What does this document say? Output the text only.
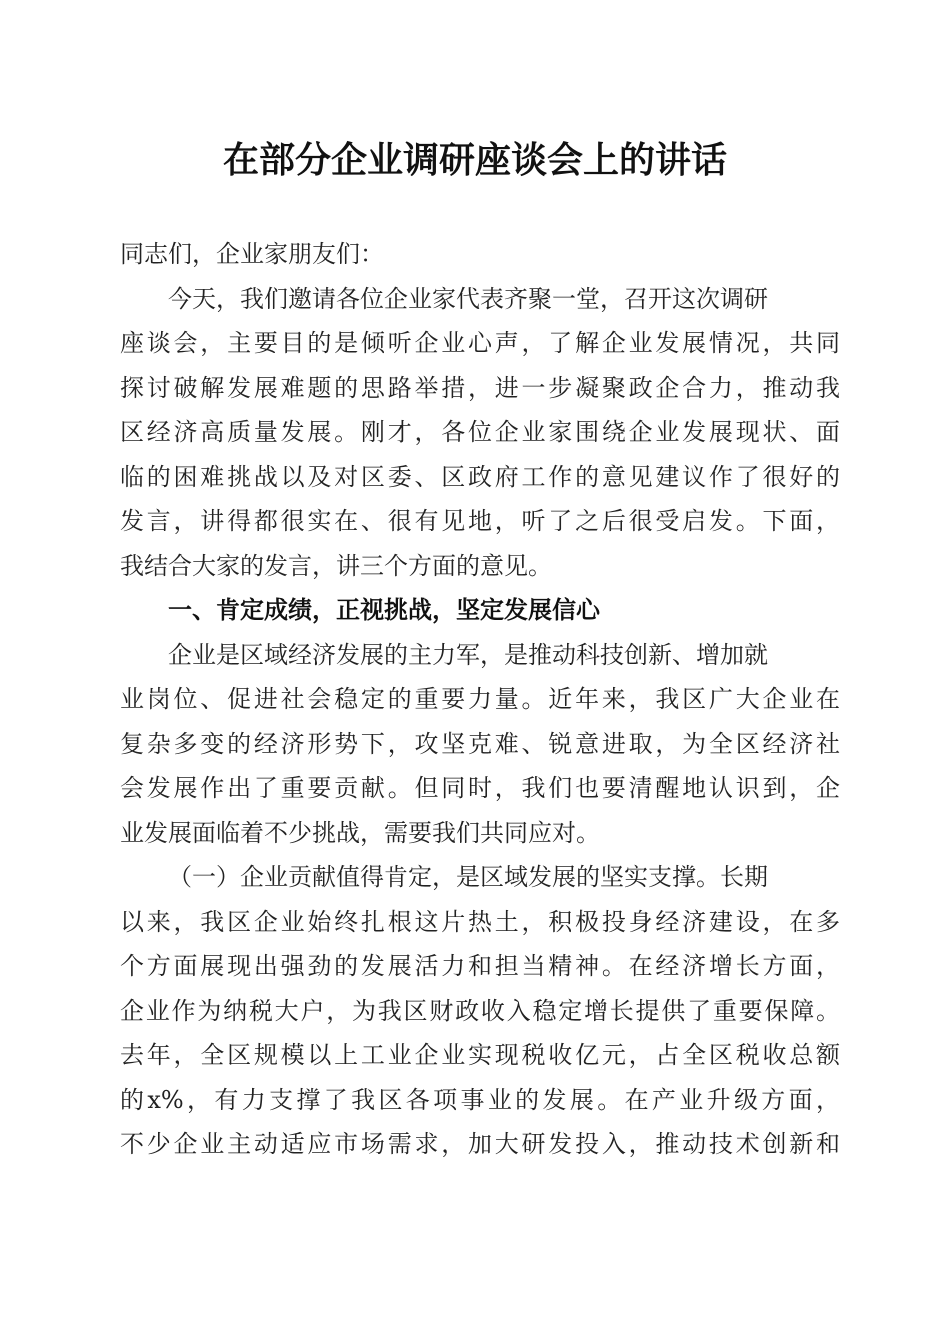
在部分企业调研座谈会上的讲话
同志们，企业家朋友们：
今天，我们邀请各位企业家代表齐聚一堂，召开这次调研
座谈会，主要目的是倾听企业心声，了解企业发展情况，共同
探讨破解发展难题的思路举措，进一步凝聚政企合力，推动我
区经济高质量发展。刚才，各位企业家围绕企业发展现状、面
临的困难挑战以及对区委、区政府工作的意见建议作了很好的
发言，讲得都很实在、很有见地，听了之后很受启发。下面，
我结合大家的发言，讲三个方面的意见。
一、肯定成绩，正视挑战，坚定发展信心
企业是区域经济发展的主力军，是推动科技创新、增加就
业岗位、促进社会稳定的重要力量。近年来，我区广大企业在
复杂多变的经济形势下，攻坚克难、锐意进取，为全区经济社
会发展作出了重要贡献。但同时，我们也要清醒地认识到，企
业发展面临着不少挑战，需要我们共同应对。
（一）企业贡献值得肯定，是区域发展的坚实支撑。长期
以来，我区企业始终扎根这片热土，积极投身经济建设，在多
个方面展现出强劲的发展活力和担当精神。在经济增长方面，
企业作为纳税大户，为我区财政收入稳定增长提供了重要保障。
去年，全区规模以上工业企业实现税收亿元，占全区税收总额
的x%，有力支撑了我区各项事业的发展。在产业升级方面，
不少企业主动适应市场需求，加大研发投入，推动技术创新和
